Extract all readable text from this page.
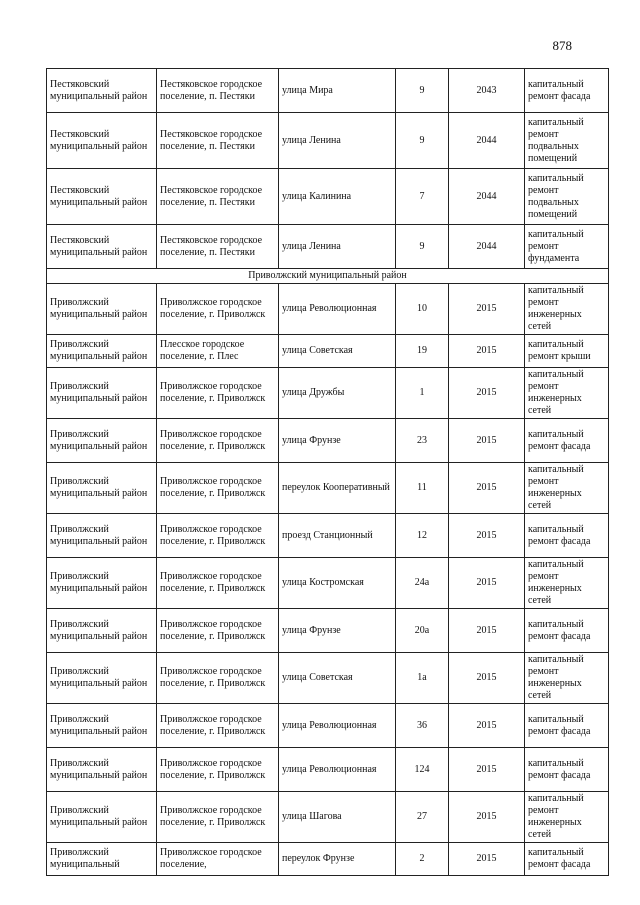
878
Пестяковский муниципальный район	Пестяковское городское поселение, п. Пестяки	улица Мира	9	2043	капитальный ремонт фасада
Пестяковский муниципальный район	Пестяковское городское поселение, п. Пестяки	улица Ленина	9	2044	капитальный ремонт подвальных помещений
Пестяковский муниципальный район	Пестяковское городское поселение, п. Пестяки	улица Калинина	7	2044	капитальный ремонт подвальных помещений
Пестяковский муниципальный район	Пестяковское городское поселение, п. Пестяки	улица Ленина	9	2044	капитальный ремонт фундамента
Приволжский муниципальный район					
Приволжский муниципальный район	Приволжское городское поселение, г. Приволжск	улица Революционная	10	2015	капитальный ремонт инженерных сетей
Приволжский муниципальный район	Плесское городское поселение, г. Плес	улица Советская	19	2015	капитальный ремонт крыши
Приволжский муниципальный район	Приволжское городское поселение, г. Приволжск	улица Дружбы	1	2015	капитальный ремонт инженерных сетей
Приволжский муниципальный район	Приволжское городское поселение, г. Приволжск	улица Фрунзе	23	2015	капитальный ремонт фасада
Приволжский муниципальный район	Приволжское городское поселение, г. Приволжск	переулок Кооперативный	11	2015	капитальный ремонт инженерных сетей
Приволжский муниципальный район	Приволжское городское поселение, г. Приволжск	проезд Станционный	12	2015	капитальный ремонт фасада
Приволжский муниципальный район	Приволжское городское поселение, г. Приволжск	улица Костромская	24а	2015	капитальный ремонт инженерных сетей
Приволжский муниципальный район	Приволжское городское поселение, г. Приволжск	улица Фрунзе	20а	2015	капитальный ремонт фасада
Приволжский муниципальный район	Приволжское городское поселение, г. Приволжск	улица Советская	1а	2015	капитальный ремонт инженерных сетей
Приволжский муниципальный район	Приволжское городское поселение, г. Приволжск	улица Революционная	36	2015	капитальный ремонт фасада
Приволжский муниципальный район	Приволжское городское поселение, г. Приволжск	улица Революционная	124	2015	капитальный ремонт фасада
Приволжский муниципальный район	Приволжское городское поселение, г. Приволжск	улица Шагова	27	2015	капитальный ремонт инженерных сетей
Приволжский муниципальный	Приволжское городское поселение,	переулок Фрунзе	2	2015	капитальный ремонт фасада
